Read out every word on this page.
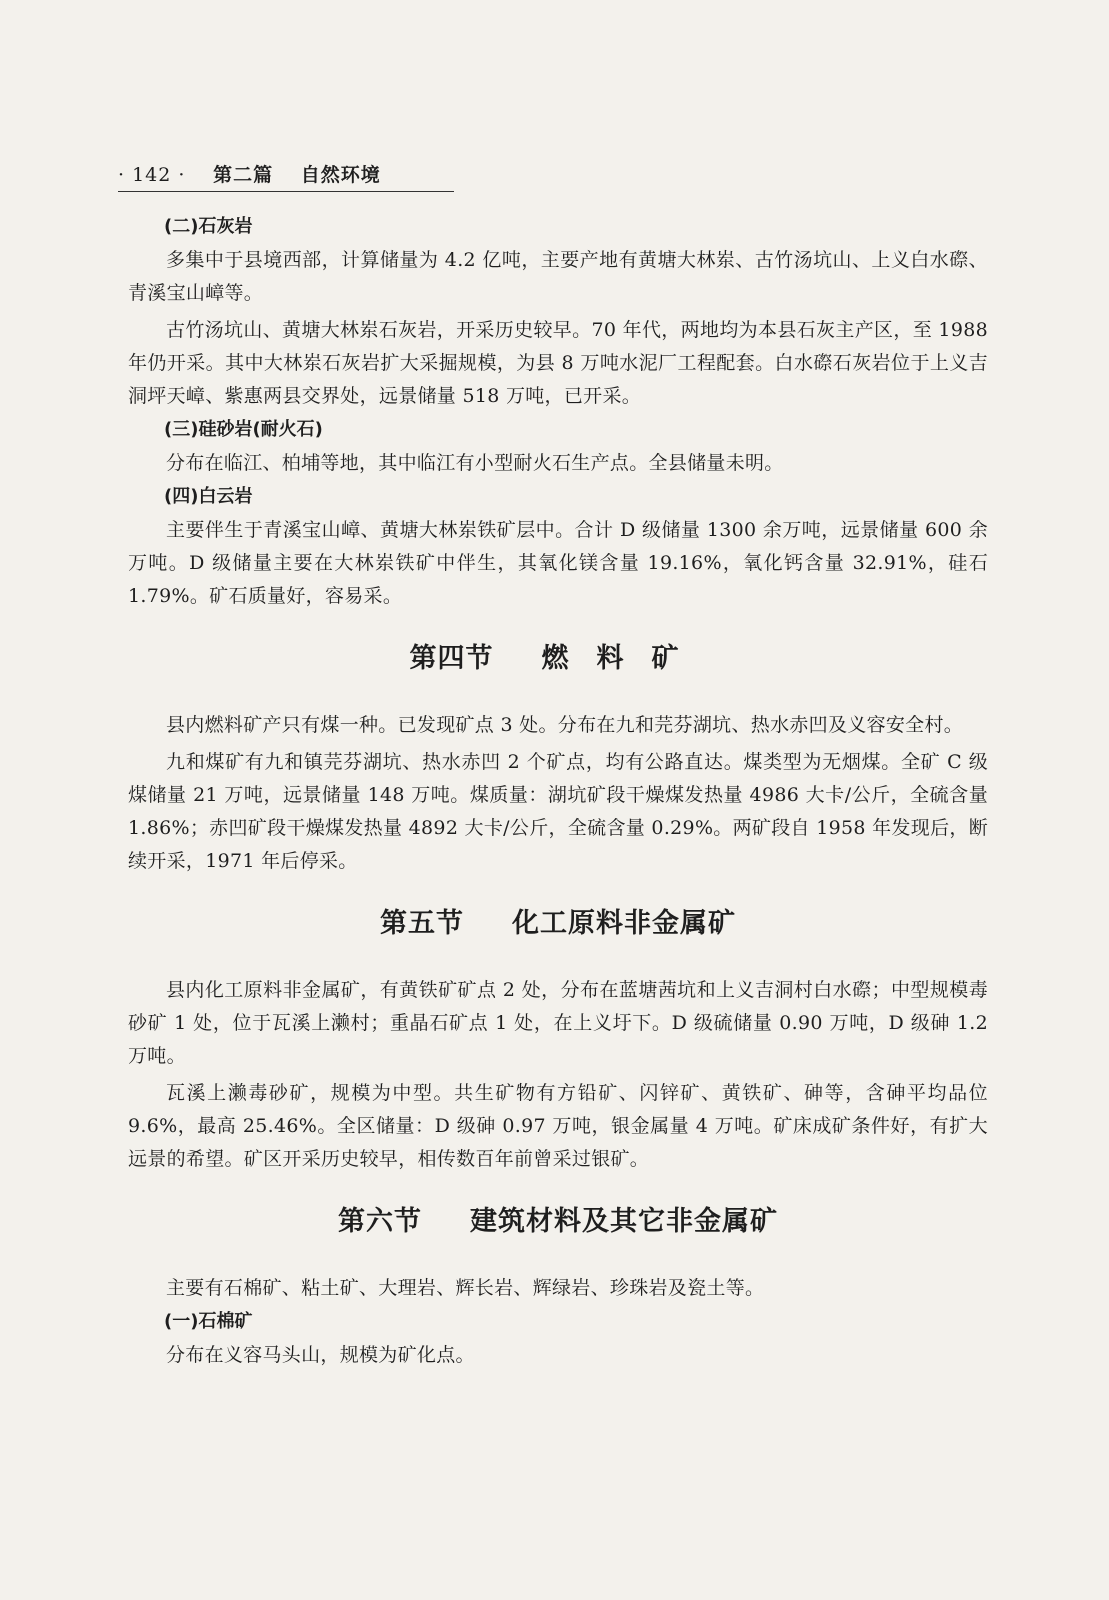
· 142 · 第二篇 自然环境
(二)石灰岩

多集中于县境西部，计算储量为 4.2 亿吨，主要产地有黄塘大林岽、古竹汤坑山、上义白水磜、青溪宝山嶂等。

古竹汤坑山、黄塘大林岽石灰岩，开采历史较早。70 年代，两地均为本县石灰主产区，至 1988 年仍开采。其中大林岽石灰岩扩大采掘规模，为县 8 万吨水泥厂工程配套。白水磜石灰岩位于上义吉洞坪天嶂、紫惠两县交界处，远景储量 518 万吨，已开采。

(三)硅砂岩(耐火石)

分布在临江、柏埔等地，其中临江有小型耐火石生产点。全县储量未明。

(四)白云岩

主要伴生于青溪宝山嶂、黄塘大林岽铁矿层中。合计 D 级储量 1300 余万吨，远景储量 600 余万吨。D 级储量主要在大林岽铁矿中伴生，其氧化镁含量 19.16%，氧化钙含量 32.91%，硅石 1.79%。矿石质量好，容易采。

第四节 燃料矿

县内燃料矿产只有煤一种。已发现矿点 3 处。分布在九和芫芬湖坑、热水赤凹及义容安全村。

九和煤矿有九和镇芫芬湖坑、热水赤凹 2 个矿点，均有公路直达。煤类型为无烟煤。全矿 C 级煤储量 21 万吨，远景储量 148 万吨。煤质量：湖坑矿段干燥煤发热量 4986 大卡/公斤，全硫含量 1.86%；赤凹矿段干燥煤发热量 4892 大卡/公斤，全硫含量 0.29%。两矿段自 1958 年发现后，断续开采，1971 年后停采。

第五节 化工原料非金属矿

县内化工原料非金属矿，有黄铁矿矿点 2 处，分布在蓝塘茜坑和上义吉洞村白水磜；中型规模毒砂矿 1 处，位于瓦溪上濑村；重晶石矿点 1 处，在上义圩下。D 级硫储量 0.90 万吨，D 级砷 1.2 万吨。

瓦溪上濑毒砂矿，规模为中型。共生矿物有方铅矿、闪锌矿、黄铁矿、砷等，含砷平均品位 9.6%，最高 25.46%。全区储量：D 级砷 0.97 万吨，银金属量 4 万吨。矿床成矿条件好，有扩大远景的希望。矿区开采历史较早，相传数百年前曾采过银矿。

第六节 建筑材料及其它非金属矿

主要有石棉矿、粘土矿、大理岩、辉长岩、辉绿岩、珍珠岩及瓷土等。

(一)石棉矿

分布在义容马头山，规模为矿化点。
